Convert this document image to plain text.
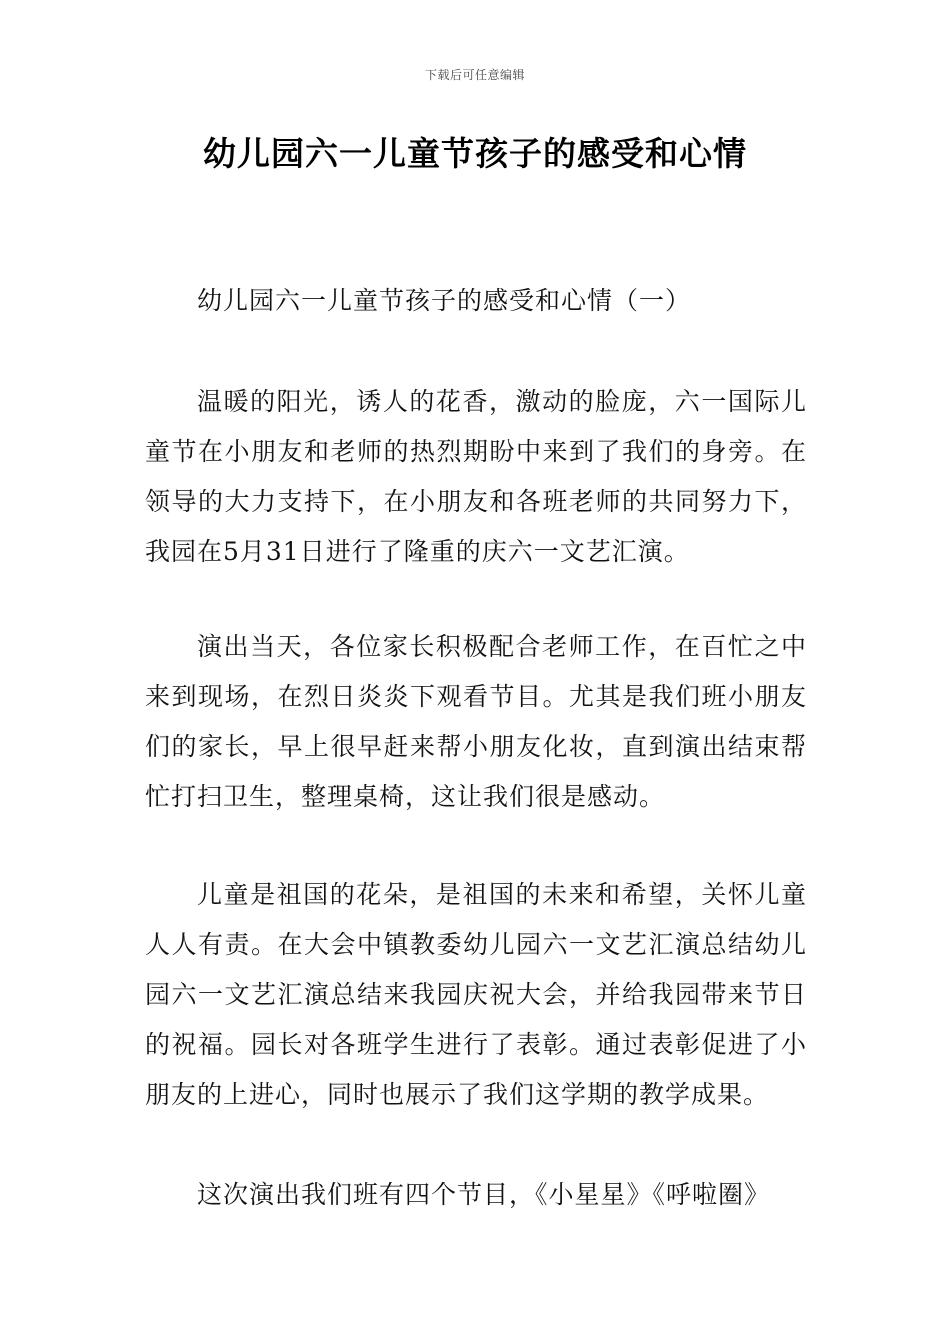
下载后可任意编辑
幼儿园六一儿童节孩子的感受和心情
幼儿园六一儿童节孩子的感受和心情（一）

温暖的阳光，诱人的花香，激动的脸庞，六一国际儿童节在小朋友和老师的热烈期盼中来到了我们的身旁。在领导的大力支持下，在小朋友和各班老师的共同努力下，我园在5月31日进行了隆重的庆六一文艺汇演。

演出当天，各位家长积极配合老师工作，在百忙之中来到现场，在烈日炎炎下观看节目。尤其是我们班小朋友们的家长，早上很早赶来帮小朋友化妆，直到演出结束帮忙打扫卫生，整理桌椅，这让我们很是感动。

儿童是祖国的花朵，是祖国的未来和希望，关怀儿童人人有责。在大会中镇教委幼儿园六一文艺汇演总结幼儿园六一文艺汇演总结来我园庆祝大会，并给我园带来节日的祝福。园长对各班学生进行了表彰。通过表彰促进了小朋友的上进心，同时也展示了我们这学期的教学成果。

这次演出我们班有四个节目，《小星星》《呼啦圈》
